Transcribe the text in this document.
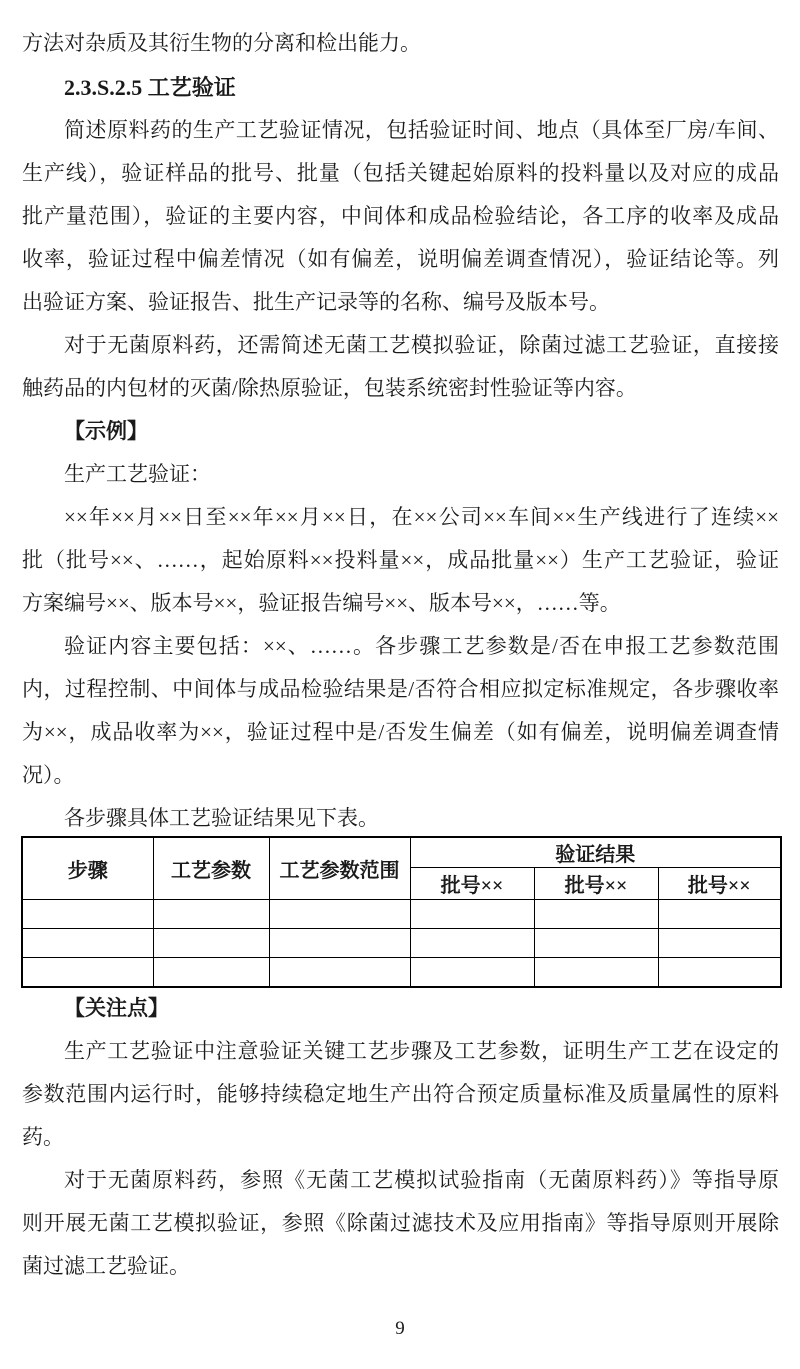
方法对杂质及其衍生物的分离和检出能力。
2.3.S.2.5 工艺验证
简述原料药的生产工艺验证情况，包括验证时间、地点（具体至厂房/车间、
生产线），验证样品的批号、批量（包括关键起始原料的投料量以及对应的成品
批产量范围），验证的主要内容，中间体和成品检验结论，各工序的收率及成品
收率，验证过程中偏差情况（如有偏差，说明偏差调查情况），验证结论等。列
出验证方案、验证报告、批生产记录等的名称、编号及版本号。
对于无菌原料药，还需简述无菌工艺模拟验证，除菌过滤工艺验证，直接接
触药品的内包材的灭菌/除热原验证，包装系统密封性验证等内容。
【示例】
生产工艺验证：
××年××月××日至××年××月××日，在××公司××车间××生产线进行了连续××
批（批号××、……，起始原料××投料量××，成品批量××）生产工艺验证，验证
方案编号××、版本号××，验证报告编号××、版本号××，……等。
验证内容主要包括：××、……。各步骤工艺参数是/否在申报工艺参数范围
内，过程控制、中间体与成品检验结果是/否符合相应拟定标准规定，各步骤收率
为××，成品收率为××，验证过程中是/否发生偏差（如有偏差，说明偏差调查情
况）。
各步骤具体工艺验证结果见下表。
步骤	工艺参数	工艺参数范围	验证结果		
			批号××	批号××	批号××

【关注点】
生产工艺验证中注意验证关键工艺步骤及工艺参数，证明生产工艺在设定的
参数范围内运行时，能够持续稳定地生产出符合预定质量标准及质量属性的原料
药。
对于无菌原料药，参照《无菌工艺模拟试验指南（无菌原料药）》等指导原
则开展无菌工艺模拟验证，参照《除菌过滤技术及应用指南》等指导原则开展除
菌过滤工艺验证。
9
